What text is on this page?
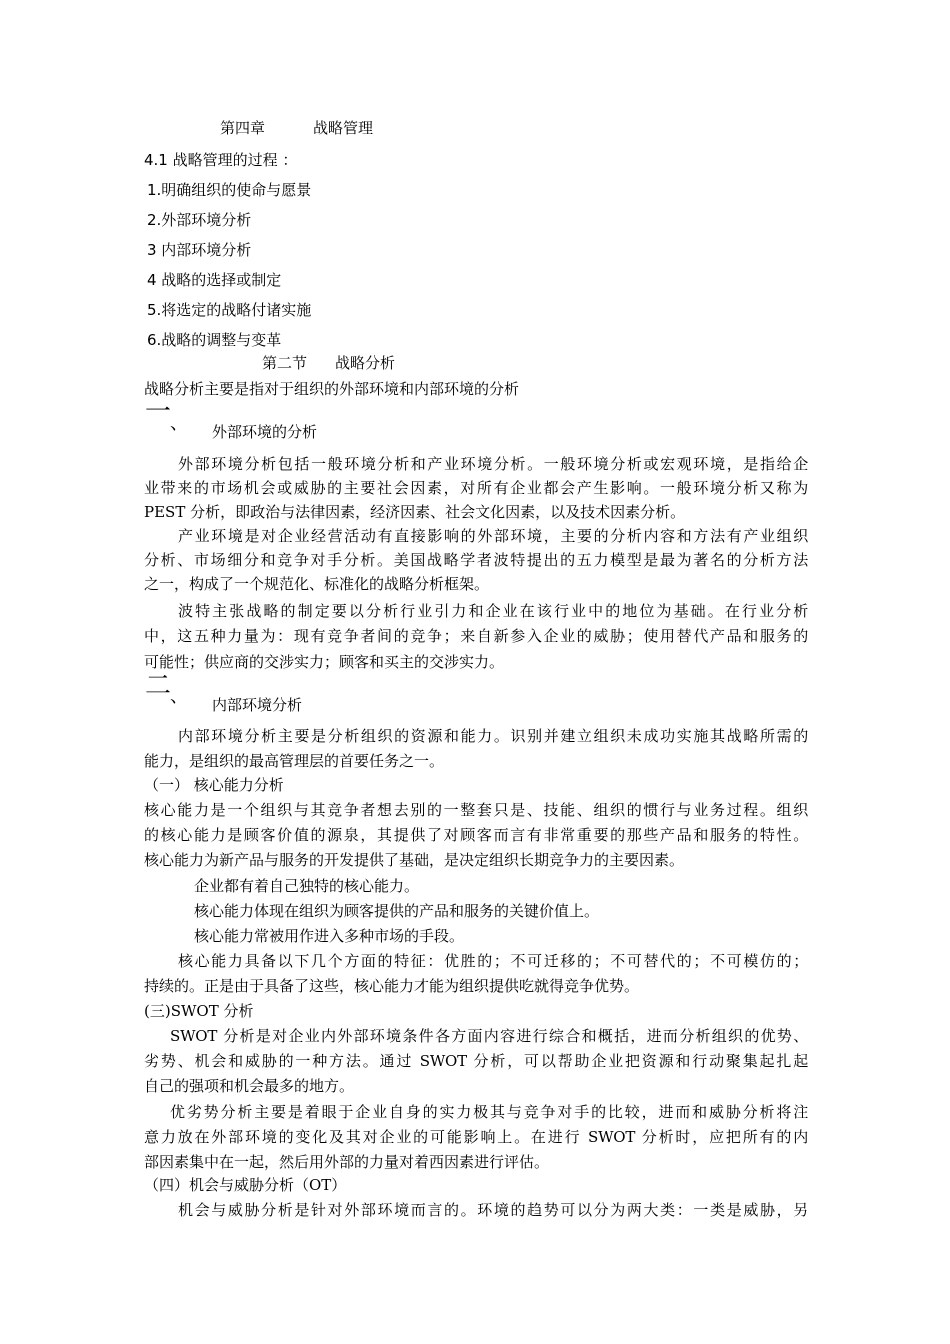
第四章	战略管理
4.1 战略管理的过程 ：
1.明确组织的使命与愿景
2.外部环境分析
3 内部环境分析
4 战略的选择或制定
5.将选定的战略付诸实施
6.战略的调整与变革
第二节 战略分析
战略分析主要是指对于组织的外部环境和内部环境的分析
一
、	外部环境的分析
外部环境分析包括一般环境分析和产业环境分析。一般环境分析或宏观环境，是指给企
业带来的市场机会或威胁的主要社会因素，对所有企业都会产生影响。一般环境分析又称为
PEST 分析，即政治与法律因素，经济因素、社会文化因素，以及技术因素分析。
产业环境是对企业经营活动有直接影响的外部环境，主要的分析内容和方法有产业组织
分析、市场细分和竞争对手分析。美国战略学者波特提出的五力模型是最为著名的分析方法
之一，构成了一个规范化、标准化的战略分析框架。
波特主张战略的制定要以分析行业引力和企业在该行业中的地位为基础。在行业分析
中，这五种力量为：现有竞争者间的竞争；来自新参入企业的威胁；使用替代产品和服务的
可能性；供应商的交涉实力；顾客和买主的交涉实力。
二
、	内部环境分析
内部环境分析主要是分析组织的资源和能力。识别并建立组织未成功实施其战略所需的
能力，是组织的最高管理层的首要任务之一。
（一） 核心能力分析
核心能力是一个组织与其竞争者想去别的一整套只是、技能、组织的惯行与业务过程。组织
的核心能力是顾客价值的源泉，其提供了对顾客而言有非常重要的那些产品和服务的特性。
核心能力为新产品与服务的开发提供了基础，是决定组织长期竞争力的主要因素。
企业都有着自己独特的核心能力。
核心能力体现在组织为顾客提供的产品和服务的关键价值上。
核心能力常被用作进入多种市场的手段。
核心能力具备以下几个方面的特征：优胜的；不可迁移的；不可替代的；不可模仿的；
持续的。正是由于具备了这些，核心能力才能为组织提供吃就得竞争优势。
(三)SWOT 分析
SWOT 分析是对企业内外部环境条件各方面内容进行综合和概括，进而分析组织的优势、
劣势、机会和威胁的一种方法。通过 SWOT 分析，可以帮助企业把资源和行动聚集起扎起
自己的强项和机会最多的地方。
优劣势分析主要是着眼于企业自身的实力极其与竞争对手的比较，进而和威胁分析将注
意力放在外部环境的变化及其对企业的可能影响上。在进行 SWOT 分析时，应把所有的内
部因素集中在一起，然后用外部的力量对着西因素进行评估。
（四）机会与威胁分析（OT）
机会与威胁分析是针对外部环境而言的。环境的趋势可以分为两大类：一类是威胁，另
